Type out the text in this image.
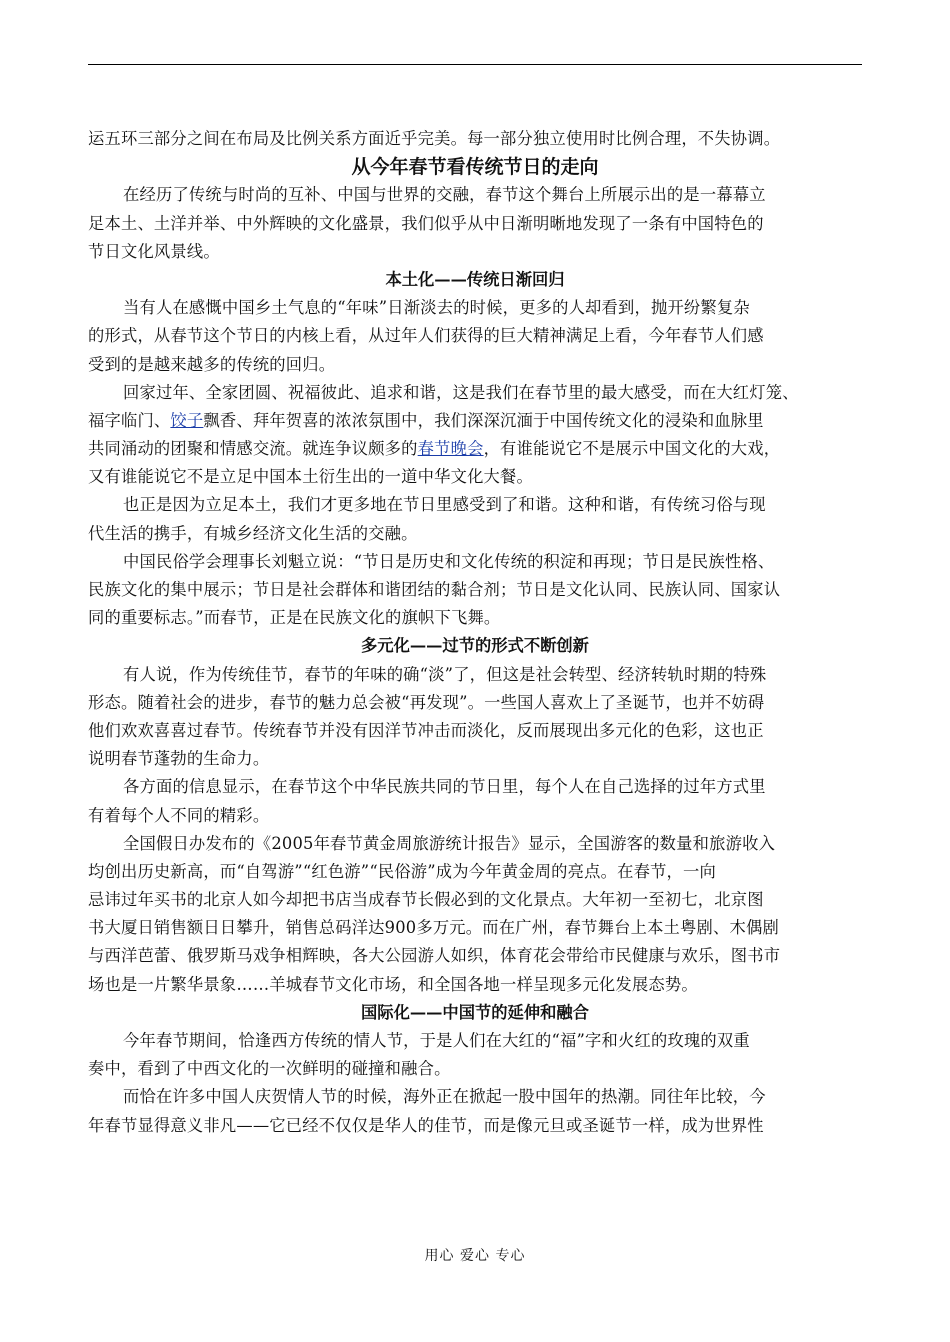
运五环三部分之间在布局及比例关系方面近乎完美。每一部分独立使用时比例合理，不失协调。
从今年春节看传统节日的走向
在经历了传统与时尚的互补、中国与世界的交融，春节这个舞台上所展示出的是一幕幕立
足本土、土洋并举、中外辉映的文化盛景，我们似乎从中日渐明晰地发现了一条有中国特色的
节日文化风景线。
本土化——传统日渐回归
当有人在感慨中国乡土气息的“年味”日渐淡去的时候，更多的人却看到，抛开纷繁复杂
的形式，从春节这个节日的内核上看，从过年人们获得的巨大精神满足上看，今年春节人们感
受到的是越来越多的传统的回归。
回家过年、全家团圆、祝福彼此、追求和谐，这是我们在春节里的最大感受，而在大红灯笼、
福字临门、饺子飘香、拜年贺喜的浓浓氛围中，我们深深沉湎于中国传统文化的浸染和血脉里
共同涌动的团聚和情感交流。就连争议颇多的春节晚会，有谁能说它不是展示中国文化的大戏，
又有谁能说它不是立足中国本土衍生出的一道中华文化大餐。
也正是因为立足本土，我们才更多地在节日里感受到了和谐。这种和谐，有传统习俗与现
代生活的携手，有城乡经济文化生活的交融。
中国民俗学会理事长刘魁立说：“节日是历史和文化传统的积淀和再现；节日是民族性格、
民族文化的集中展示；节日是社会群体和谐团结的黏合剂；节日是文化认同、民族认同、国家认
同的重要标志。”而春节，正是在民族文化的旗帜下飞舞。
多元化——过节的形式不断创新
有人说，作为传统佳节，春节的年味的确“淡”了，但这是社会转型、经济转轨时期的特殊
形态。随着社会的进步，春节的魅力总会被“再发现”。一些国人喜欢上了圣诞节，也并不妨碍
他们欢欢喜喜过春节。传统春节并没有因洋节冲击而淡化，反而展现出多元化的色彩，这也正
说明春节蓬勃的生命力。
各方面的信息显示，在春节这个中华民族共同的节日里，每个人在自己选择的过年方式里
有着每个人不同的精彩。
全国假日办发布的《2005年春节黄金周旅游统计报告》显示，全国游客的数量和旅游收入
均创出历史新高，而“自驾游”“红色游”“民俗游”成为今年黄金周的亮点。在春节，一向
忌讳过年买书的北京人如今却把书店当成春节长假必到的文化景点。大年初一至初七，北京图
书大厦日销售额日日攀升，销售总码洋达900多万元。而在广州，春节舞台上本土粤剧、木偶剧
与西洋芭蕾、俄罗斯马戏争相辉映，各大公园游人如织，体育花会带给市民健康与欢乐，图书市
场也是一片繁华景象……羊城春节文化市场，和全国各地一样呈现多元化发展态势。
国际化——中国节的延伸和融合
今年春节期间，恰逢西方传统的情人节，于是人们在大红的“福”字和火红的玫瑰的双重
奏中，看到了中西文化的一次鲜明的碰撞和融合。
而恰在许多中国人庆贺情人节的时候，海外正在掀起一股中国年的热潮。同往年比较，今
年春节显得意义非凡——它已经不仅仅是华人的佳节，而是像元旦或圣诞节一样，成为世界性
用心 爱心 专心
